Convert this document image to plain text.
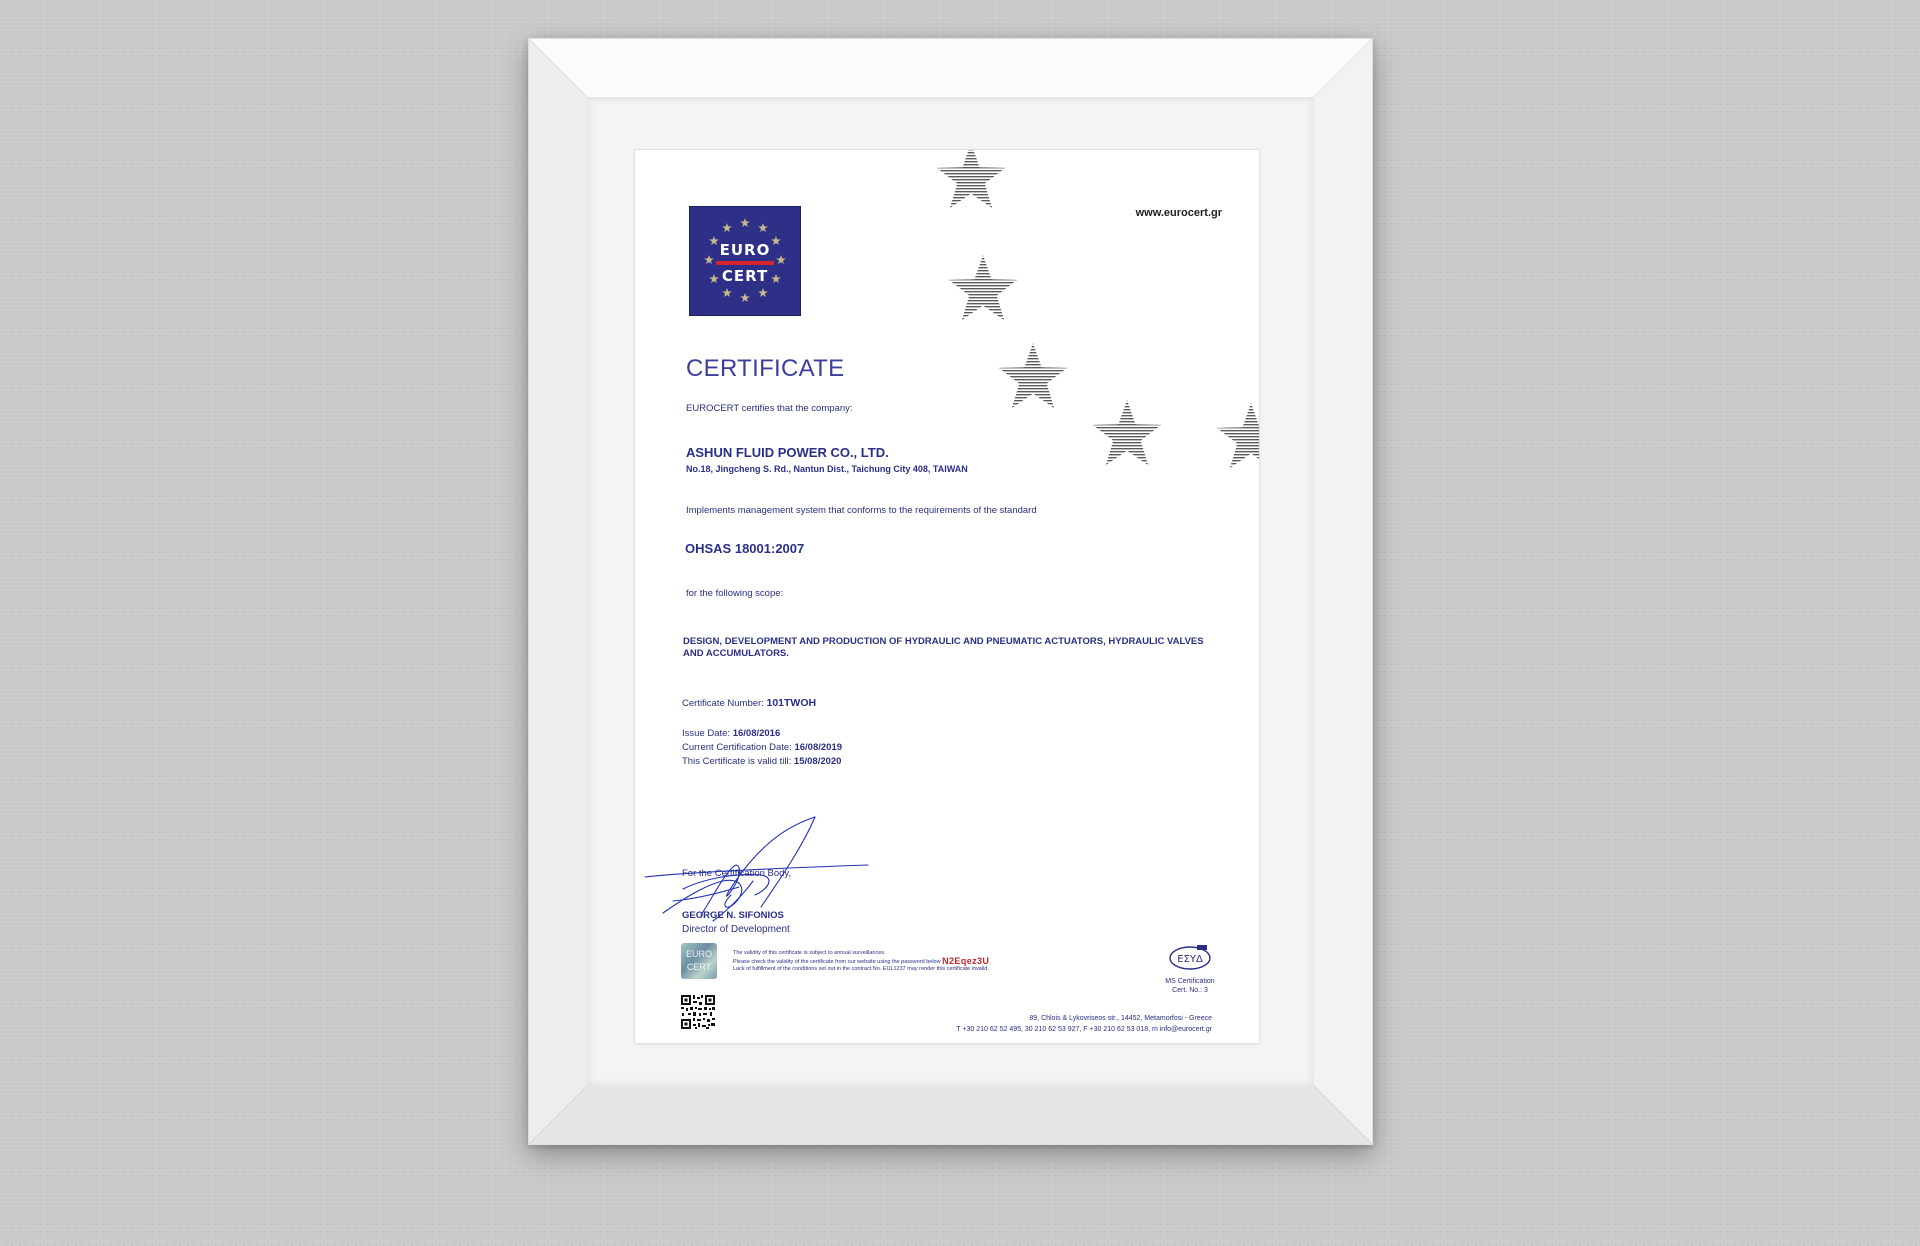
www.eurocert.gr
EURO
CERT
CERTIFICATE
EUROCERT certifies that the company:
ASHUN FLUID POWER CO., LTD.
No.18, Jingcheng S. Rd., Nantun Dist., Taichung City 408, TAIWAN
Implements management system that conforms to the requirements of the standard
OHSAS 18001:2007
for the following scope:
DESIGN, DEVELOPMENT AND PRODUCTION OF HYDRAULIC AND PNEUMATIC ACTUATORS, HYDRAULIC VALVES AND ACCUMULATORS.
Certificate Number: 101TWOH
Issue Date: 16/08/2016
Current Certification Date: 16/08/2019
This Certificate is valid till: 15/08/2020
For the Certification Body,
GEORGE N. SIFONIOS
Director of Development
EURO
CERT
The validity of this certificate is subject to annual surveillances.
Please check the validity of the certificate from our website using the password below N2Eqez3U
Lack of fulfillment of the conditions set out in the contract No. EUL1237 may render this certificate invalid.
ΕΣΥΔ
MS Certification
Cert. No.: 3
89, Chlois & Lykovriseos str., 14452, Metamorfosi - Greece
T +30 210 62 52 495, 30 210 62 53 927, F +30 210 62 53 018, m info@eurocert.gr
